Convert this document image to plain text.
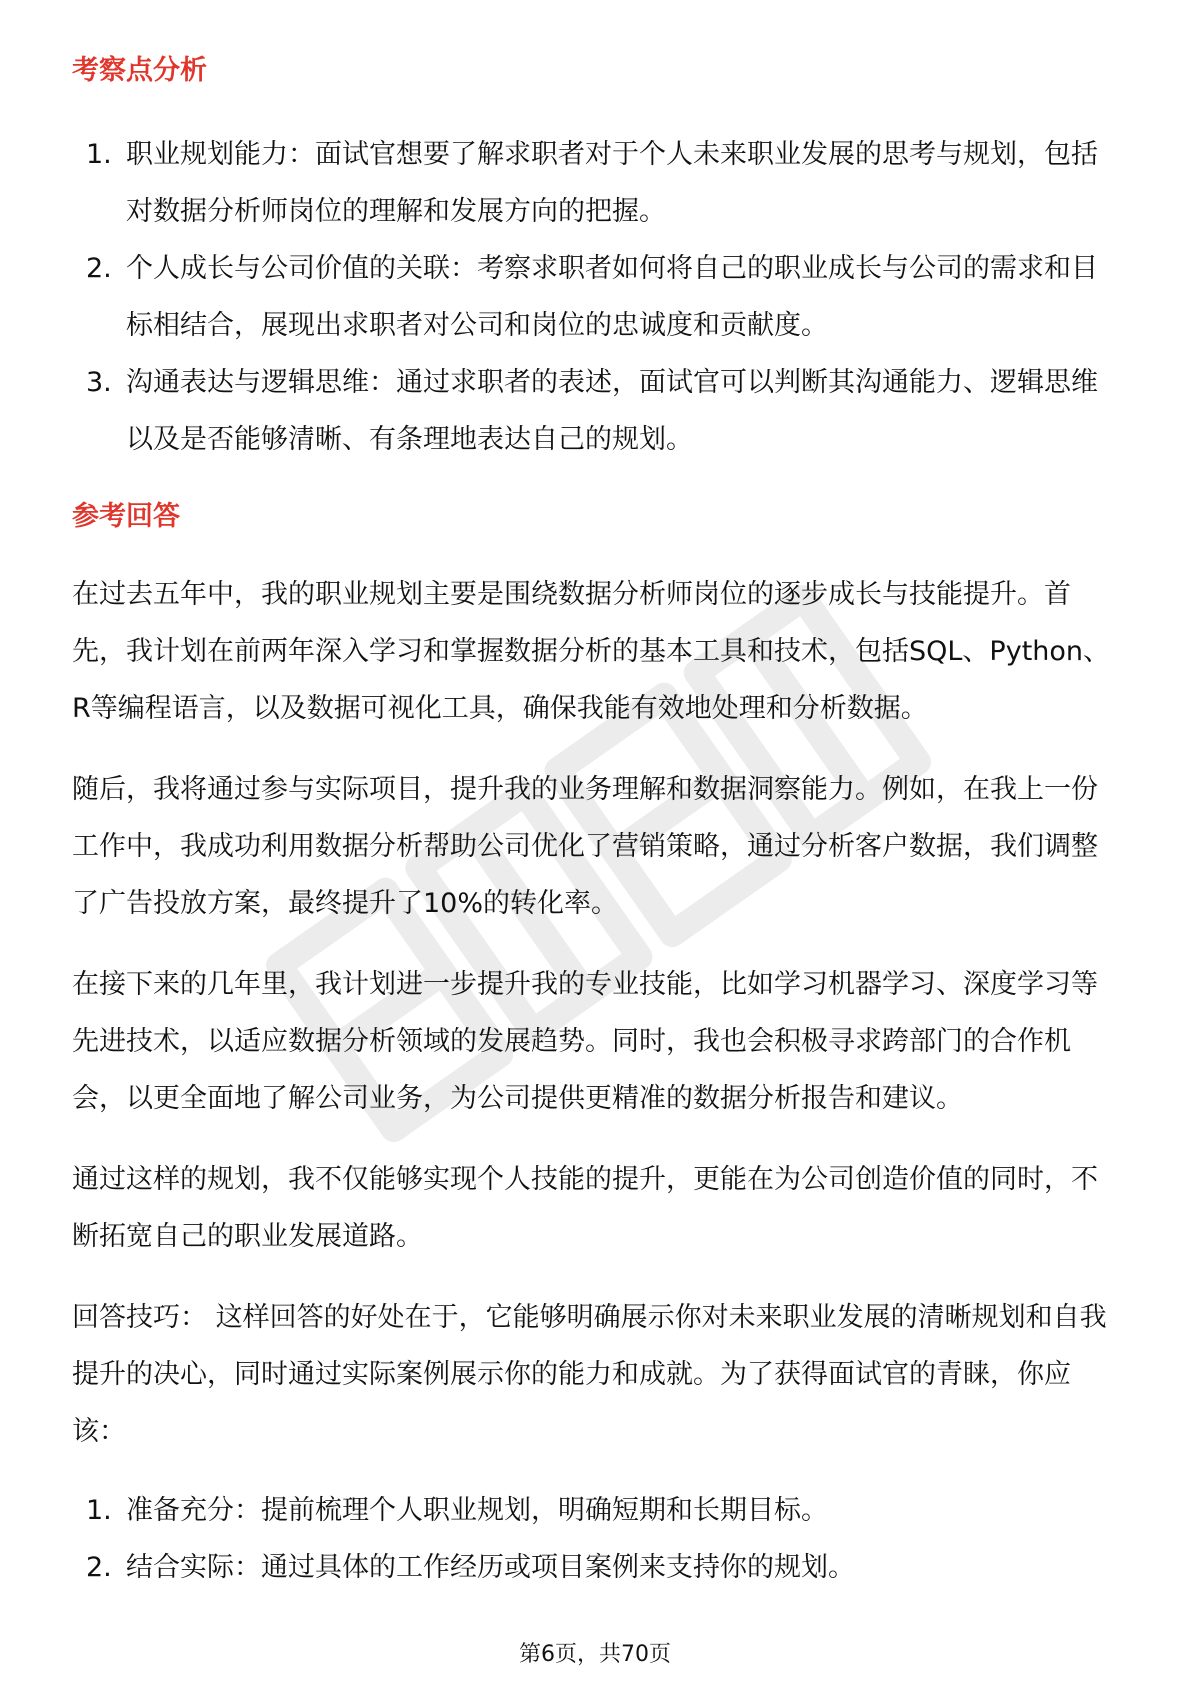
考察点分析
1. 职业规划能力：面试官想要了解求职者对于个人未来职业发展的思考与规划，包括对数据分析师岗位的理解和发展方向的把握。
2. 个人成长与公司价值的关联：考察求职者如何将自己的职业成长与公司的需求和目标相结合，展现出求职者对公司和岗位的忠诚度和贡献度。
3. 沟通表达与逻辑思维：通过求职者的表述，面试官可以判断其沟通能力、逻辑思维以及是否能够清晰、有条理地表达自己的规划。
参考回答

在过去五年中，我的职业规划主要是围绕数据分析师岗位的逐步成长与技能提升。首先，我计划在前两年深入学习和掌握数据分析的基本工具和技术，包括SQL、Python、R等编程语言，以及数据可视化工具，确保我能有效地处理和分析数据。

随后，我将通过参与实际项目，提升我的业务理解和数据洞察能力。例如，在我上一份工作中，我成功利用数据分析帮助公司优化了营销策略，通过分析客户数据，我们调整了广告投放方案，最终提升了10%的转化率。

在接下来的几年里，我计划进一步提升我的专业技能，比如学习机器学习、深度学习等先进技术，以适应数据分析领域的发展趋势。同时，我也会积极寻求跨部门的合作机会，以更全面地了解公司业务，为公司提供更精准的数据分析报告和建议。

通过这样的规划，我不仅能够实现个人技能的提升，更能在为公司创造价值的同时，不断拓宽自己的职业发展道路。

回答技巧： 这样回答的好处在于，它能够明确展示你对未来职业发展的清晰规划和自我提升的决心，同时通过实际案例展示你的能力和成就。为了获得面试官的青睐，你应该：

1. 准备充分：提前梳理个人职业规划，明确短期和长期目标。
2. 结合实际：通过具体的工作经历或项目案例来支持你的规划。
第6页，共70页
